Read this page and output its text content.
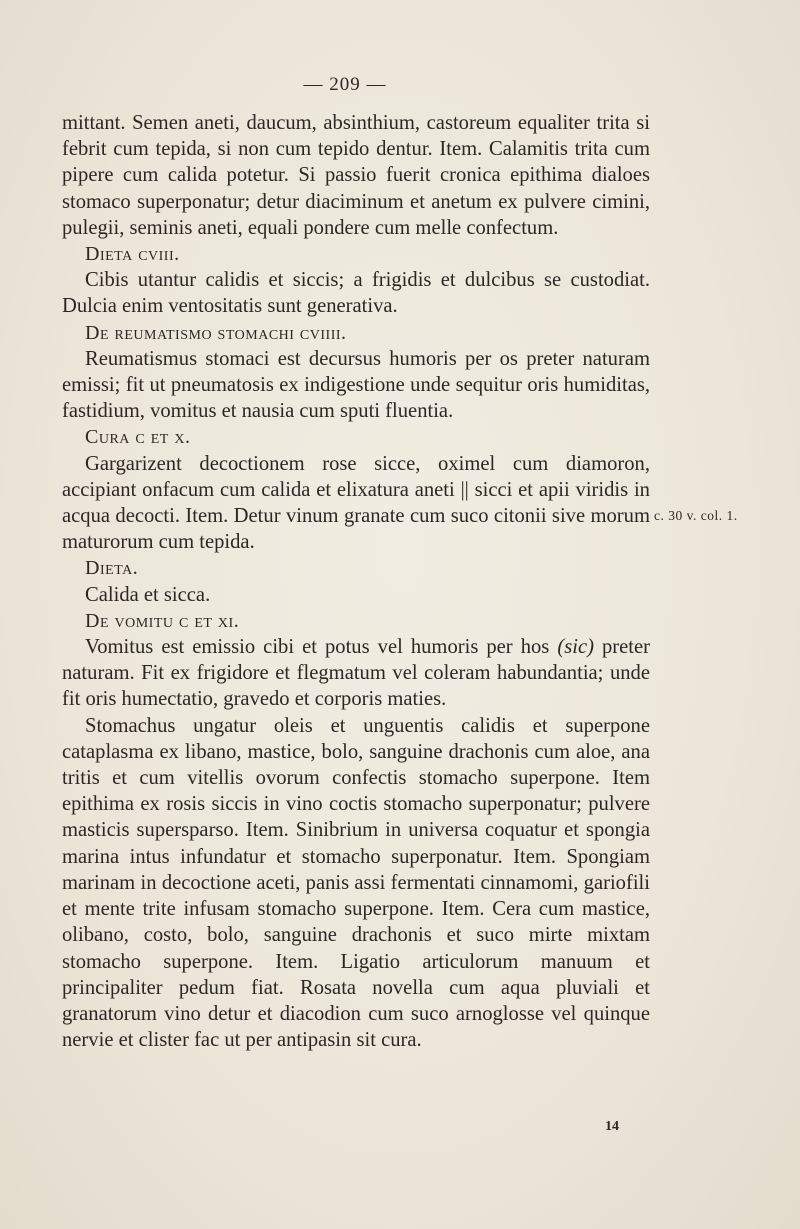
— 209 —

mittant. Semen aneti, daucum, absinthium, castoreum equaliter trita si febrit cum tepida, si non cum tepido dentur. Item. Calamitis trita cum pipere cum calida potetur. Si passio fuerit cronica epithima dialoes stomaco superponatur; detur diaciminum et anetum ex pulvere cimini, pulegii, seminis aneti, equali pondere cum melle confectum.

Dieta cviii.

Cibis utantur calidis et siccis; a frigidis et dulcibus se custodiat. Dulcia enim ventositatis sunt generativa.

De reumatismo stomachi cviiii.

Reumatismus stomaci est decursus humoris per os preter naturam emissi; fit ut pneumatosis ex indigestione unde sequitur oris humiditas, fastidium, vomitus et nausia cum sputi fluentia.

Cura c et x.

Gargarizent decoctionem rose sicce, oximel cum diamoron, accipiant onfacum cum calida et elixatura aneti || sicci et apii viridis in acqua decocti. Item. Detur vinum granate cum suco citonii sive morum maturorum cum tepida.

Dieta.

Calida et sicca.

De vomitu c et xi.

Vomitus est emissio cibi et potus vel humoris per hos (sic) preter naturam. Fit ex frigidore et flegmatum vel coleram habundantia; unde fit oris humectatio, gravedo et corporis maties.

Stomachus ungatur oleis et unguentis calidis et superpone cataplasma ex libano, mastice, bolo, sanguine drachonis cum aloe, ana tritis et cum vitellis ovorum confectis stomacho superpone. Item epithima ex rosis siccis in vino coctis stomacho superponatur; pulvere masticis supersparso. Item. Sinibrium in universa coquatur et spongia marina intus infundatur et stomacho superponatur. Item. Spongiam marinam in decoctione aceti, panis assi fermentati cinnamomi, gariofili et mente trite infusam stomacho superpone. Item. Cera cum mastice, olibano, costo, bolo, sanguine drachonis et suco mirte mixtam stomacho superpone. Item. Ligatio articulorum manuum et principaliter pedum fiat. Rosata novella cum aqua pluviali et granatorum vino detur et diacodion cum suco arnoglosse vel quinque nervie et clister fac ut per antipasin sit cura.

c. 30 v. col. 1.
14
